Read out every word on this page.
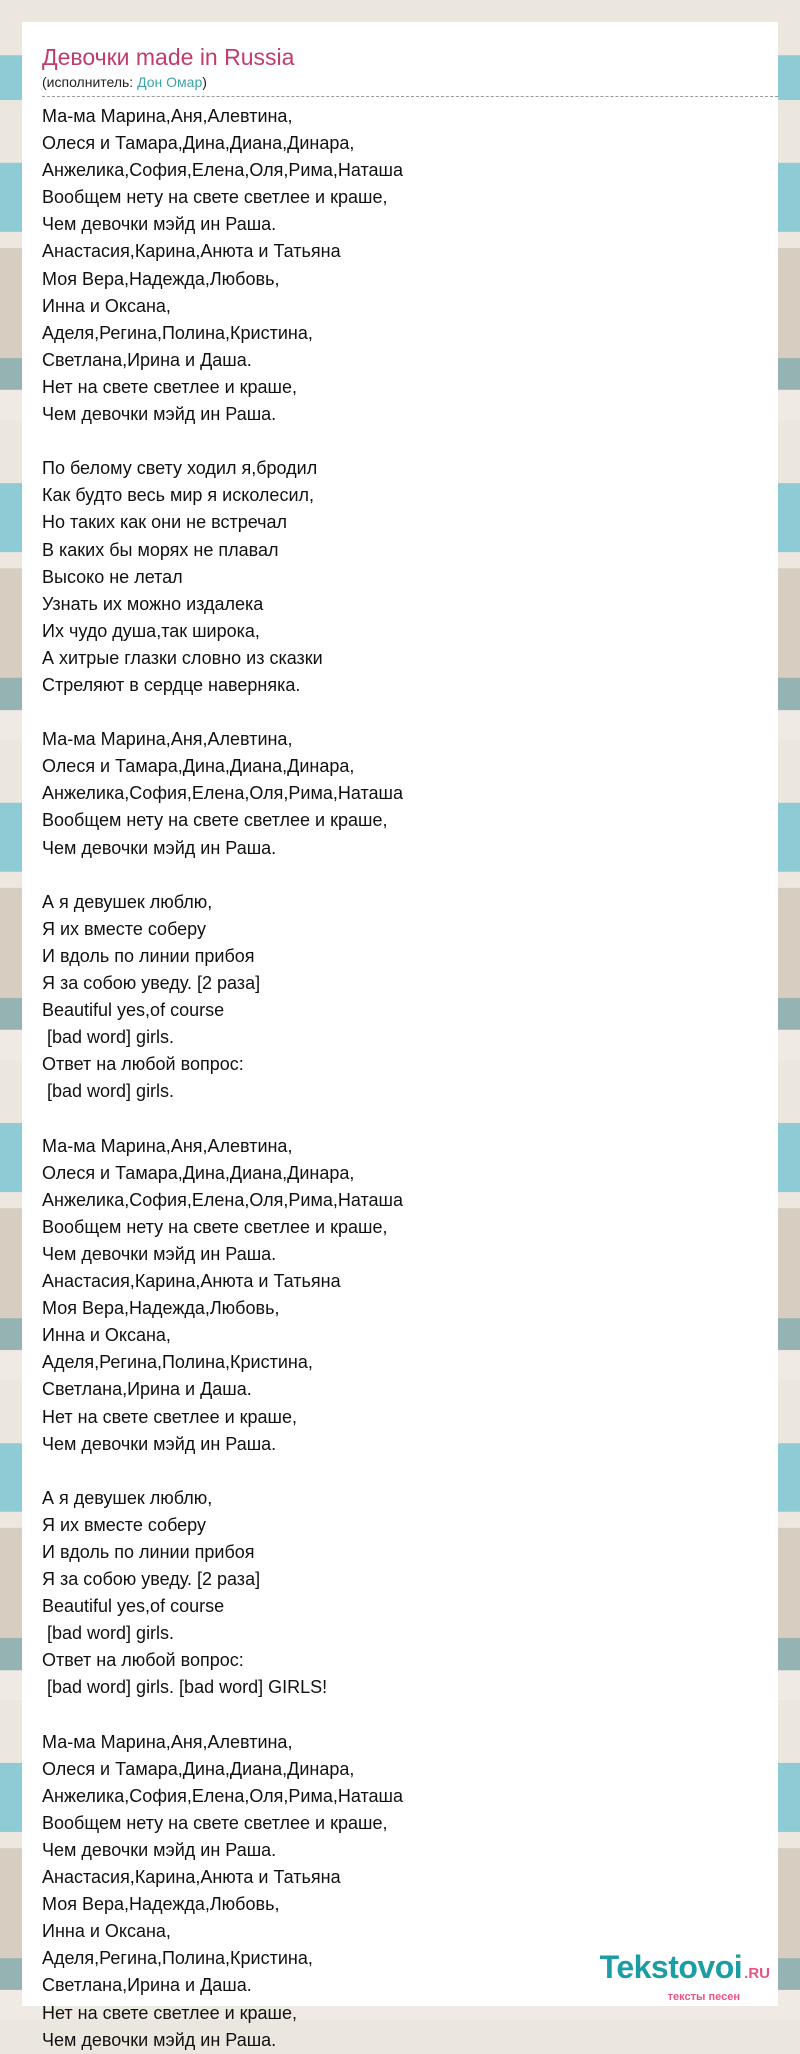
Девочки made in Russia
(исполнитель: Дон Омар)
Ма-ма Марина,Аня,Алевтина,
Олеся и Тамара,Дина,Диана,Динара,
Анжелика,София,Елена,Оля,Рима,Наташа
Вообщем нету на свете светлее и краше,
Чем девочки мэйд ин Раша.
Анастасия,Карина,Анюта и Татьяна
Моя Вера,Надежда,Любовь,
Инна и Оксана,
Аделя,Регина,Полина,Кристина,
Светлана,Ирина и Даша.
Нет на свете светлее и краше,
Чем девочки мэйд ин Раша.
По белому свету ходил я,бродил
Как будто весь мир я исколесил,
Но таких как они не встречал
В каких бы морях не плавал
Высоко не летал
Узнать их можно издалека
Их чудо душа,так широка,
А хитрые глазки словно из сказки
Стреляют в сердце наверняка.
Ма-ма Марина,Аня,Алевтина,
Олеся и Тамара,Дина,Диана,Динара,
Анжелика,София,Елена,Оля,Рима,Наташа
Вообщем нету на свете светлее и краше,
Чем девочки мэйд ин Раша.
А я девушек люблю,
Я их вместе соберу
И вдоль по линии прибоя
Я за собою уведу. [2 раза]
Beautiful yes,of course
[bad word] girls.
Ответ на любой вопрос:
[bad word] girls.
Ма-ма Марина,Аня,Алевтина,
Олеся и Тамара,Дина,Диана,Динара,
Анжелика,София,Елена,Оля,Рима,Наташа
Вообщем нету на свете светлее и краше,
Чем девочки мэйд ин Раша.
Анастасия,Карина,Анюта и Татьяна
Моя Вера,Надежда,Любовь,
Инна и Оксана,
Аделя,Регина,Полина,Кристина,
Светлана,Ирина и Даша.
Нет на свете светлее и краше,
Чем девочки мэйд ин Раша.
А я девушек люблю,
Я их вместе соберу
И вдоль по линии прибоя
Я за собою уведу. [2 раза]
Beautiful yes,of course
[bad word] girls.
Ответ на любой вопрос:
[bad word] girls. [bad word] GIRLS!
Ма-ма Марина,Аня,Алевтина,
Олеся и Тамара,Дина,Диана,Динара,
Анжелика,София,Елена,Оля,Рима,Наташа
Вообщем нету на свете светлее и краше,
Чем девочки мэйд ин Раша.
Анастасия,Карина,Анюта и Татьяна
Моя Вера,Надежда,Любовь,
Инна и Оксана,
Аделя,Регина,Полина,Кристина,
Светлана,Ирина и Даша.
Нет на свете светлее и краше,
Чем девочки мэйд ин Раша.
Tekstovoi .RU
тексты песен
